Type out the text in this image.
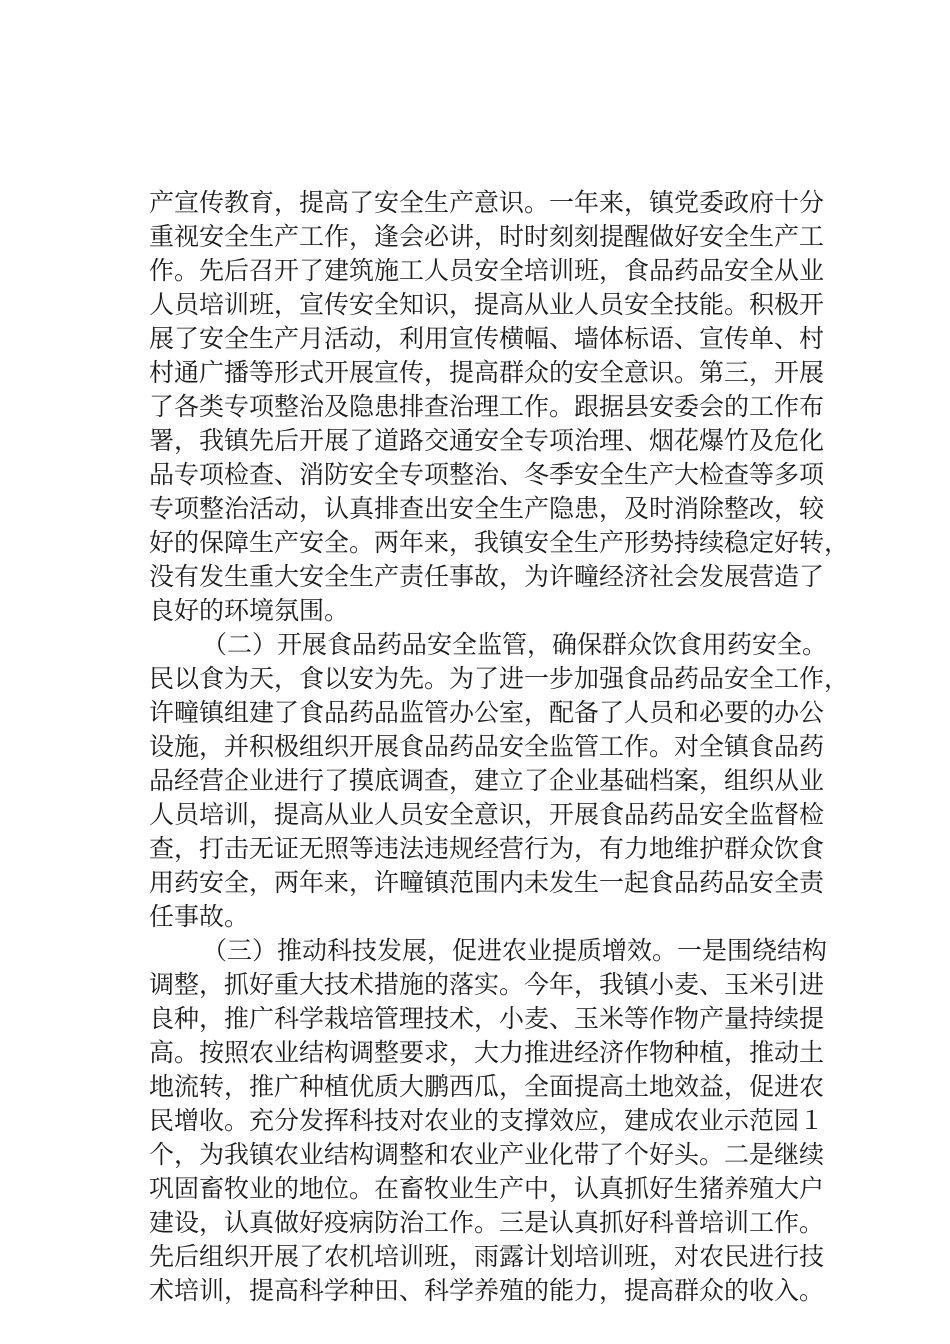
产宣传教育，提高了安全生产意识。一年来，镇党委政府十分
重视安全生产工作，逢会必讲，时时刻刻提醒做好安全生产工
作。先后召开了建筑施工人员安全培训班，食品药品安全从业
人员培训班，宣传安全知识，提高从业人员安全技能。积极开
展了安全生产月活动，利用宣传横幅、墙体标语、宣传单、村
村通广播等形式开展宣传，提高群众的安全意识。第三，开展
了各类专项整治及隐患排查治理工作。跟据县安委会的工作布
署，我镇先后开展了道路交通安全专项治理、烟花爆竹及危化
品专项检查、消防安全专项整治、冬季安全生产大检查等多项
专项整治活动，认真排查出安全生产隐患，及时消除整改，较
好的保障生产安全。两年来，我镇安全生产形势持续稳定好转，
没有发生重大安全生产责任事故，为许疃经济社会发展营造了
良好的环境氛围。
（二）开展食品药品安全监管，确保群众饮食用药安全。
民以食为天，食以安为先。为了进一步加强食品药品安全工作，
许疃镇组建了食品药品监管办公室，配备了人员和必要的办公
设施，并积极组织开展食品药品安全监管工作。对全镇食品药
品经营企业进行了摸底调查，建立了企业基础档案，组织从业
人员培训，提高从业人员安全意识，开展食品药品安全监督检
查，打击无证无照等违法违规经营行为，有力地维护群众饮食
用药安全，两年来，许疃镇范围内未发生一起食品药品安全责
任事故。
（三）推动科技发展，促进农业提质增效。一是围绕结构
调整，抓好重大技术措施的落实。今年，我镇小麦、玉米引进
良种，推广科学栽培管理技术，小麦、玉米等作物产量持续提
高。按照农业结构调整要求，大力推进经济作物种植，推动土
地流转，推广种植优质大鹏西瓜，全面提高土地效益，促进农
民增收。充分发挥科技对农业的支撑效应，建成农业示范园１
个，为我镇农业结构调整和农业产业化带了个好头。二是继续
巩固畜牧业的地位。在畜牧业生产中，认真抓好生猪养殖大户
建设，认真做好疫病防治工作。三是认真抓好科普培训工作。
先后组织开展了农机培训班，雨露计划培训班，对农民进行技
术培训，提高科学种田、科学养殖的能力，提高群众的收入。
